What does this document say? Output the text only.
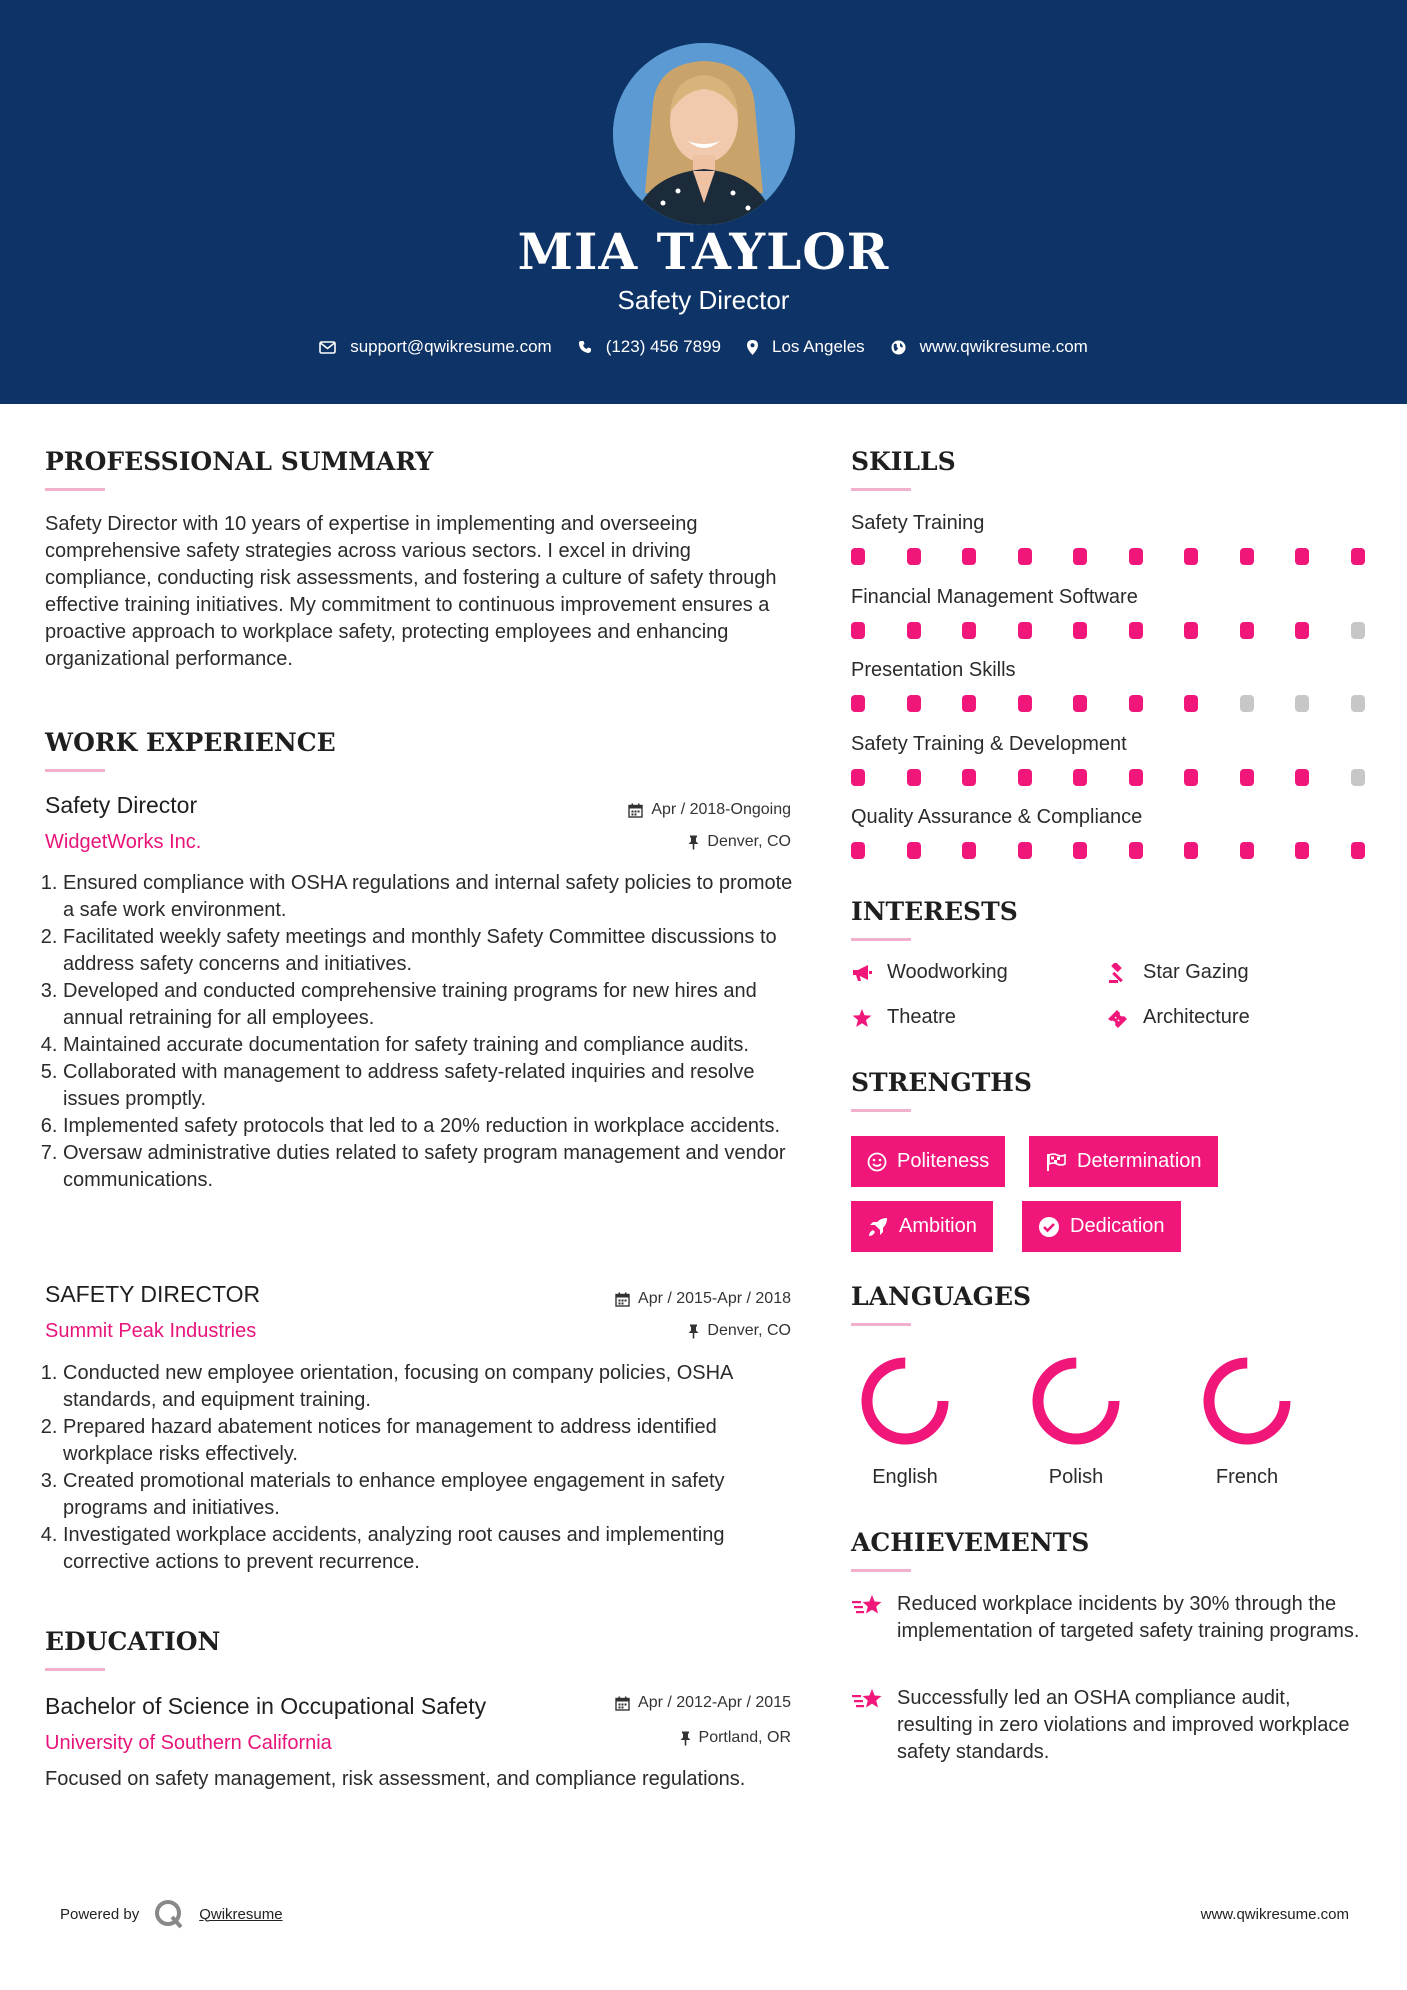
MIA TAYLOR
Safety Director
support@qwikresume.com	(123) 456 7899	Los Angeles	www.qwikresume.com
PROFESSIONAL SUMMARY
Safety Director with 10 years of expertise in implementing and overseeing comprehensive safety strategies across various sectors. I excel in driving compliance, conducting risk assessments, and fostering a culture of safety through effective training initiatives. My commitment to continuous improvement ensures a proactive approach to workplace safety, protecting employees and enhancing organizational performance.
WORK EXPERIENCE
Safety Director
WidgetWorks Inc.
Apr / 2018-Ongoing
Denver, CO
1. Ensured compliance with OSHA regulations and internal safety policies to promote a safe work environment.
2. Facilitated weekly safety meetings and monthly Safety Committee discussions to address safety concerns and initiatives.
3. Developed and conducted comprehensive training programs for new hires and annual retraining for all employees.
4. Maintained accurate documentation for safety training and compliance audits.
5. Collaborated with management to address safety-related inquiries and resolve issues promptly.
6. Implemented safety protocols that led to a 20% reduction in workplace accidents.
7. Oversaw administrative duties related to safety program management and vendor communications.
SAFETY DIRECTOR
Summit Peak Industries
Apr / 2015-Apr / 2018
Denver, CO
1. Conducted new employee orientation, focusing on company policies, OSHA standards, and equipment training.
2. Prepared hazard abatement notices for management to address identified workplace risks effectively.
3. Created promotional materials to enhance employee engagement in safety programs and initiatives.
4. Investigated workplace accidents, analyzing root causes and implementing corrective actions to prevent recurrence.
EDUCATION
Bachelor of Science in Occupational Safety
University of Southern California
Apr / 2012-Apr / 2015
Portland, OR
Focused on safety management, risk assessment, and compliance regulations.
SKILLS
Safety Training
Financial Management Software
Presentation Skills
Safety Training & Development
Quality Assurance & Compliance
INTERESTS
Woodworking	Star Gazing
Theatre	Architecture
STRENGTHS
Politeness	Determination
Ambition	Dedication
LANGUAGES
English	Polish	French
ACHIEVEMENTS
Reduced workplace incidents by 30% through the implementation of targeted safety training programs.
Successfully led an OSHA compliance audit, resulting in zero violations and improved workplace safety standards.
Powered by	Qwikresume	www.qwikresume.com
